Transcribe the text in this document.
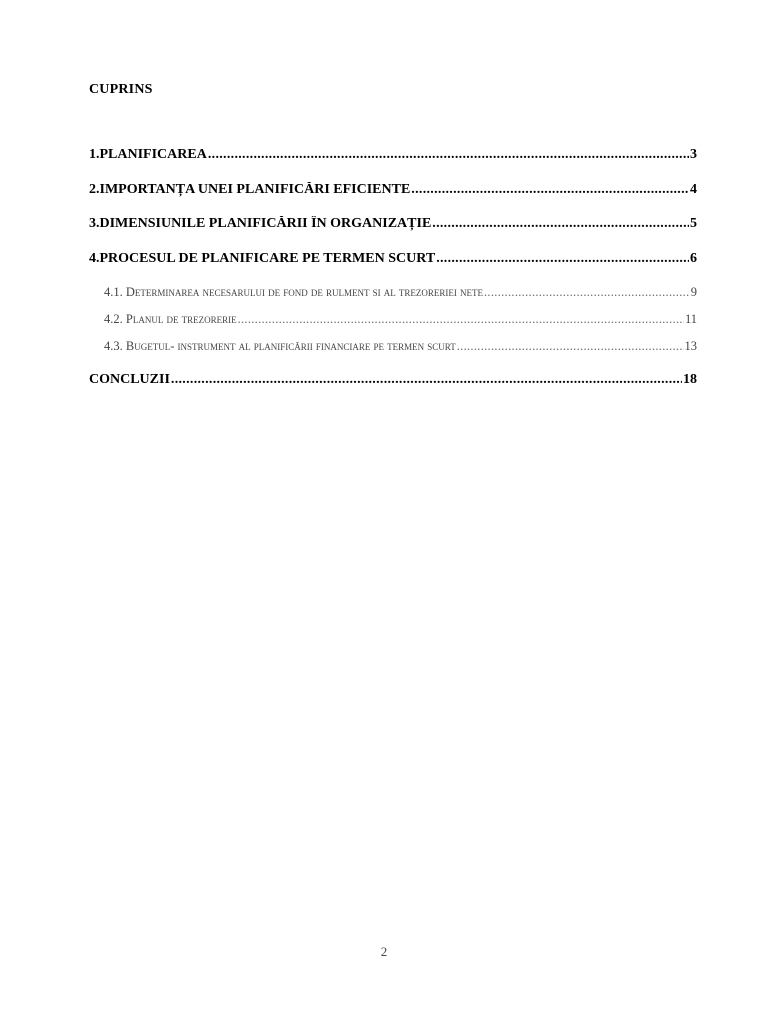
CUPRINS
1.PLANIFICAREA .....	3
2.IMPORTANȚA UNEI PLANIFICĂRI EFICIENTE .....	4
3.DIMENSIUNILE PLANIFICĂRII ÎN ORGANIZAȚIE .....	5
4.PROCESUL DE PLANIFICARE PE TERMEN SCURT .....	6
4.1. Determinarea necesarului de fond de rulment si al trezoreriei nete .....	9
4.2. Planul de trezorerie .....	11
4.3. Bugetul- instrument al planificării financiare pe termen scurt .....	13
CONCLUZII .....	18
2
